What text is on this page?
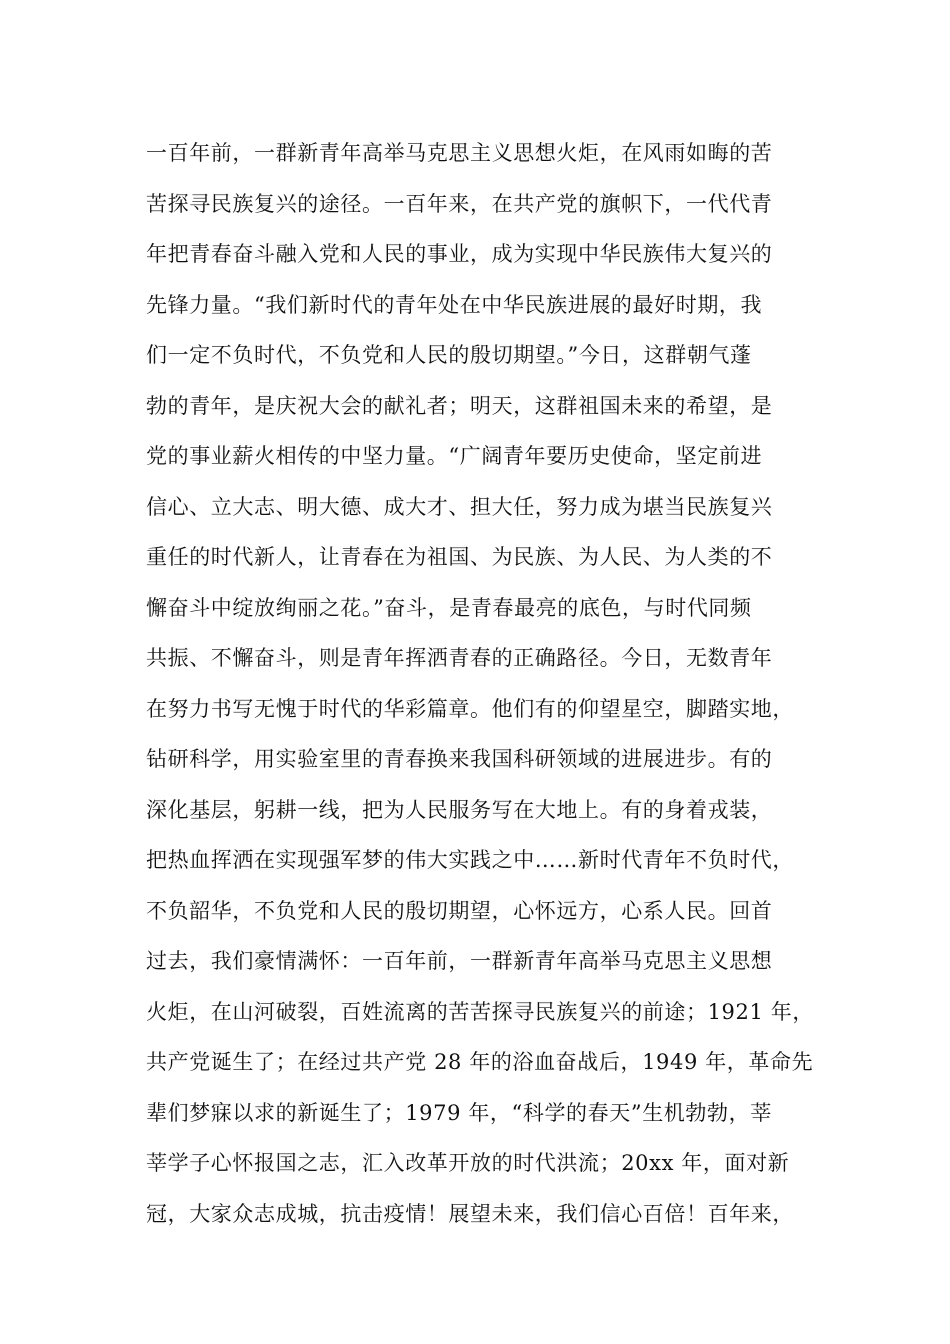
一百年前，一群新青年高举马克思主义思想火炬，在风雨如晦的苦
苦探寻民族复兴的途径。一百年来，在共产党的旗帜下，一代代青
年把青春奋斗融入党和人民的事业，成为实现中华民族伟大复兴的
先锋力量。“我们新时代的青年处在中华民族进展的最好时期，我
们一定不负时代，不负党和人民的殷切期望。”今日，这群朝气蓬
勃的青年，是庆祝大会的献礼者；明天，这群祖国未来的希望，是
党的事业薪火相传的中坚力量。“广阔青年要历史使命，坚定前进
信心、立大志、明大德、成大才、担大任，努力成为堪当民族复兴
重任的时代新人，让青春在为祖国、为民族、为人民、为人类的不
懈奋斗中绽放绚丽之花。”奋斗，是青春最亮的底色，与时代同频
共振、不懈奋斗，则是青年挥洒青春的正确路径。今日，无数青年
在努力书写无愧于时代的华彩篇章。他们有的仰望星空，脚踏实地，
钻研科学，用实验室里的青春换来我国科研领域的进展进步。有的
深化基层，躬耕一线，把为人民服务写在大地上。有的身着戎装，
把热血挥洒在实现强军梦的伟大实践之中……新时代青年不负时代，
不负韶华，不负党和人民的殷切期望，心怀远方，心系人民。回首
过去，我们豪情满怀：一百年前，一群新青年高举马克思主义思想
火炬，在山河破裂，百姓流离的苦苦探寻民族复兴的前途；1921 年，
共产党诞生了；在经过共产党 28 年的浴血奋战后，1949 年，革命先
辈们梦寐以求的新诞生了；1979 年，“科学的春天”生机勃勃，莘
莘学子心怀报国之志，汇入改革开放的时代洪流；20xx 年，面对新
冠，大家众志成城，抗击疫情！展望未来，我们信心百倍！百年来，
